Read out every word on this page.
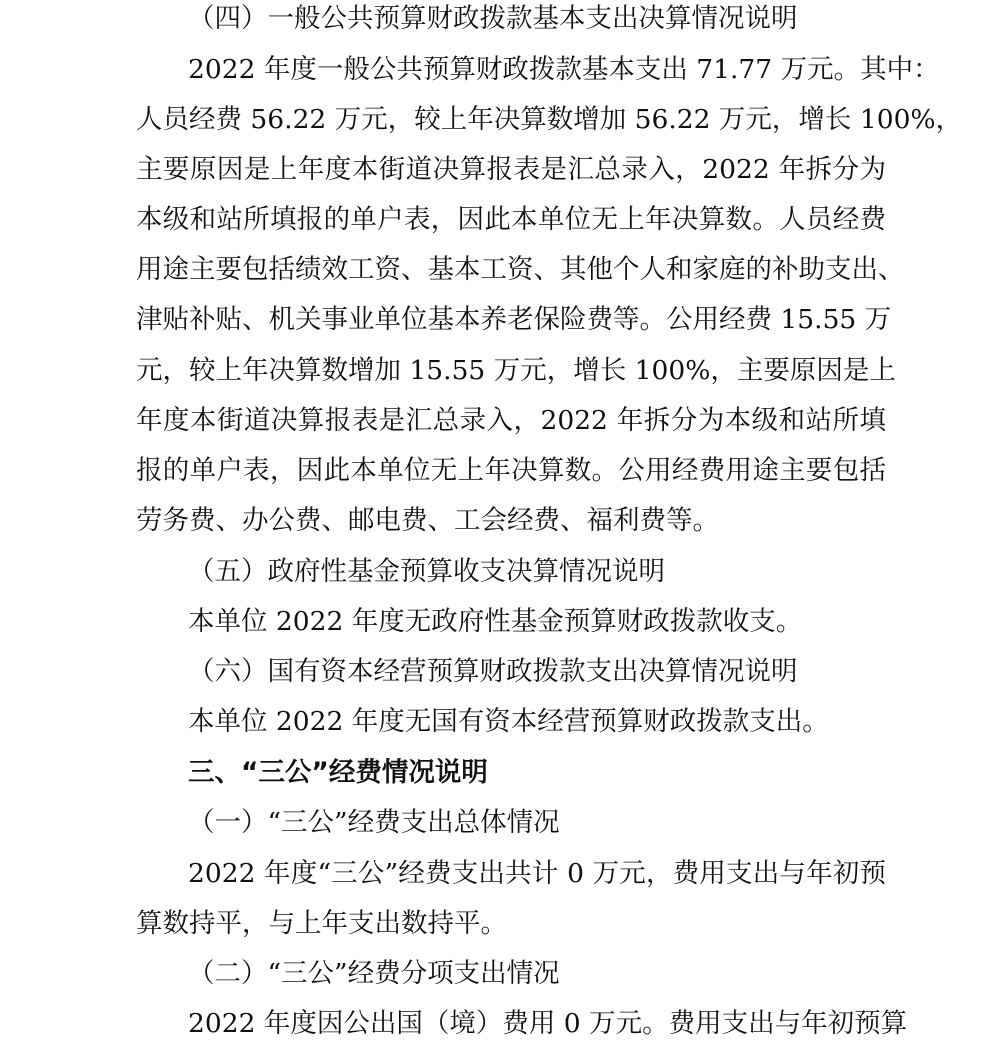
（四）一般公共预算财政拨款基本支出决算情况说明

2022 年度一般公共预算财政拨款基本支出 71.77 万元。其中：

人员经费 56.22 万元，较上年决算数增加 56.22 万元，增长 100%，

主要原因是上年度本街道决算报表是汇总录入，2022 年拆分为

本级和站所填报的单户表，因此本单位无上年决算数。人员经费

用途主要包括绩效工资、基本工资、其他个人和家庭的补助支出、

津贴补贴、机关事业单位基本养老保险费等。公用经费 15.55 万

元，较上年决算数增加 15.55 万元，增长 100%，主要原因是上

年度本街道决算报表是汇总录入，2022 年拆分为本级和站所填

报的单户表，因此本单位无上年决算数。公用经费用途主要包括

劳务费、办公费、邮电费、工会经费、福利费等。

（五）政府性基金预算收支决算情况说明

本单位 2022 年度无政府性基金预算财政拨款收支。

（六）国有资本经营预算财政拨款支出决算情况说明

本单位 2022 年度无国有资本经营预算财政拨款支出。

三、“三公”经费情况说明

（一）“三公”经费支出总体情况

2022 年度“三公”经费支出共计 0 万元，费用支出与年初预

算数持平，与上年支出数持平。

（二）“三公”经费分项支出情况

2022 年度因公出国（境）费用 0 万元。费用支出与年初预算
